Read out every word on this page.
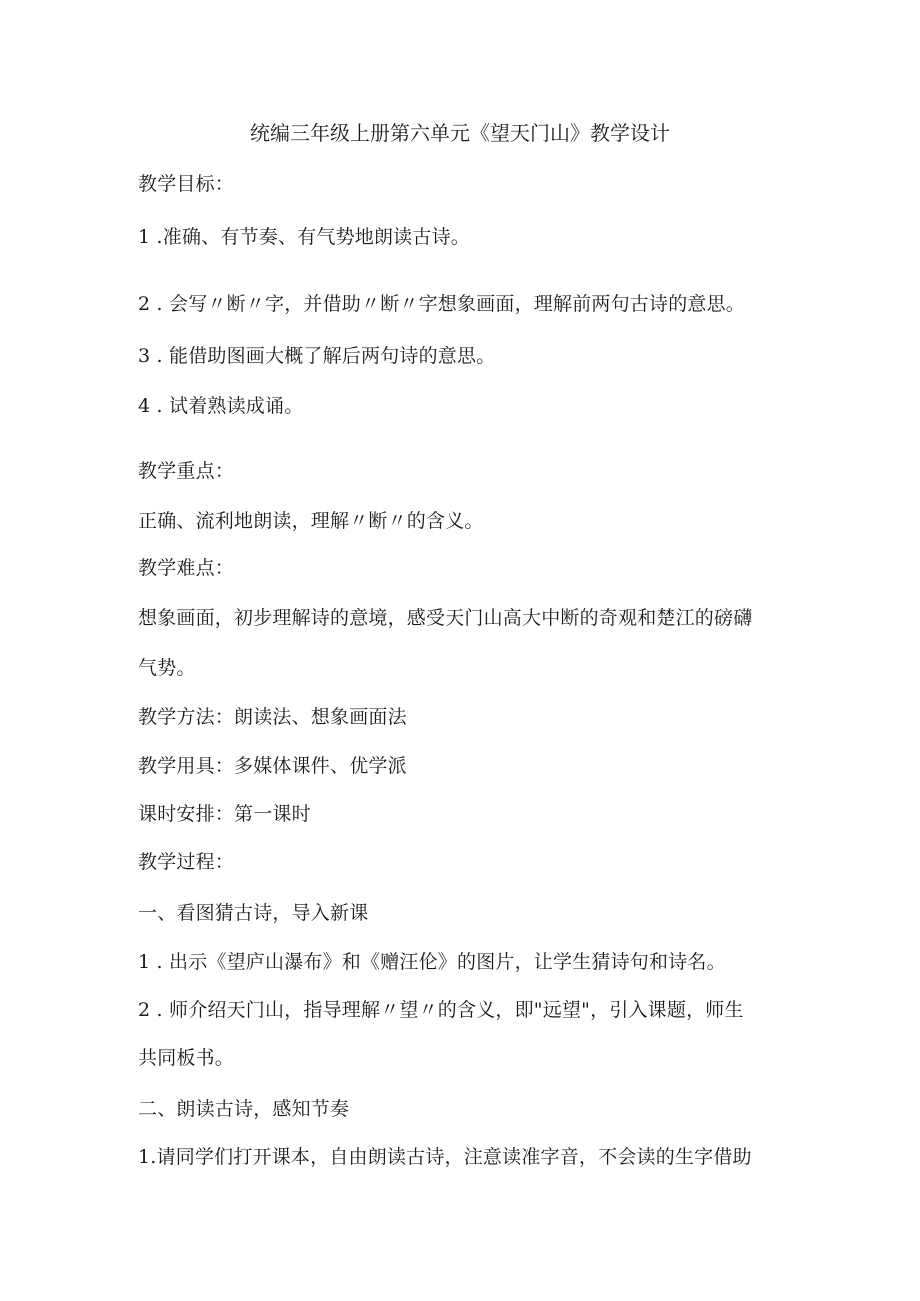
统编三年级上册第六单元《望天门山》教学设计
教学目标：
1 .准确、有节奏、有气势地朗读古诗。
2 . 会写〃断〃字，并借助〃断〃字想象画面，理解前两句古诗的意思。
3 . 能借助图画大概了解后两句诗的意思。
4 . 试着熟读成诵。
教学重点：
正确、流利地朗读，理解〃断〃的含义。
教学难点：
想象画面，初步理解诗的意境，感受天门山高大中断的奇观和楚江的磅礴
气势。
教学方法：朗读法、想象画面法
教学用具：多媒体课件、优学派
课时安排：第一课时
教学过程：
一、看图猜古诗，导入新课
1 . 出示《望庐山瀑布》和《赠汪伦》的图片，让学生猜诗句和诗名。
2 . 师介绍天门山，指导理解〃望〃的含义，即"远望"，引入课题，师生
共同板书。
二、朗读古诗，感知节奏
1.请同学们打开课本，自由朗读古诗，注意读准字音，不会读的生字借助
